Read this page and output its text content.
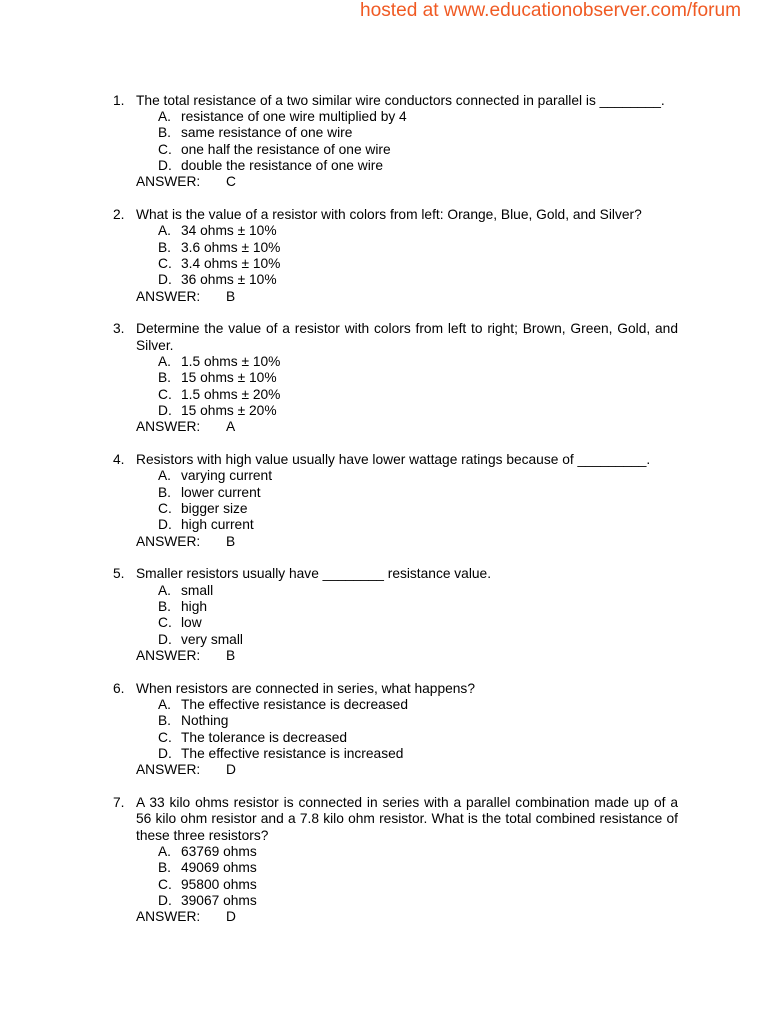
hosted at www.educationobserver.com/forum
1. The total resistance of a two similar wire conductors connected in parallel is ________.
A. resistance of one wire multiplied by 4
B. same resistance of one wire
C. one half the resistance of one wire
D. double the resistance of one wire
ANSWER: C
2. What is the value of a resistor with colors from left: Orange, Blue, Gold, and Silver?
A. 34 ohms ± 10%
B. 3.6 ohms ± 10%
C. 3.4 ohms ± 10%
D. 36 ohms ± 10%
ANSWER: B
3. Determine the value of a resistor with colors from left to right; Brown, Green, Gold, and
Silver.
A. 1.5 ohms ± 10%
B. 15 ohms ± 10%
C. 1.5 ohms ± 20%
D. 15 ohms ± 20%
ANSWER: A
4. Resistors with high value usually have lower wattage ratings because of _________.
A. varying current
B. lower current
C. bigger size
D. high current
ANSWER: B
5. Smaller resistors usually have ________ resistance value.
A. small
B. high
C. low
D. very small
ANSWER: B
6. When resistors are connected in series, what happens?
A. The effective resistance is decreased
B. Nothing
C. The tolerance is decreased
D. The effective resistance is increased
ANSWER: D
7. A 33 kilo ohms resistor is connected in series with a parallel combination made up of a
56 kilo ohm resistor and a 7.8 kilo ohm resistor. What is the total combined resistance of
these three resistors?
A. 63769 ohms
B. 49069 ohms
C. 95800 ohms
D. 39067 ohms
ANSWER: D
